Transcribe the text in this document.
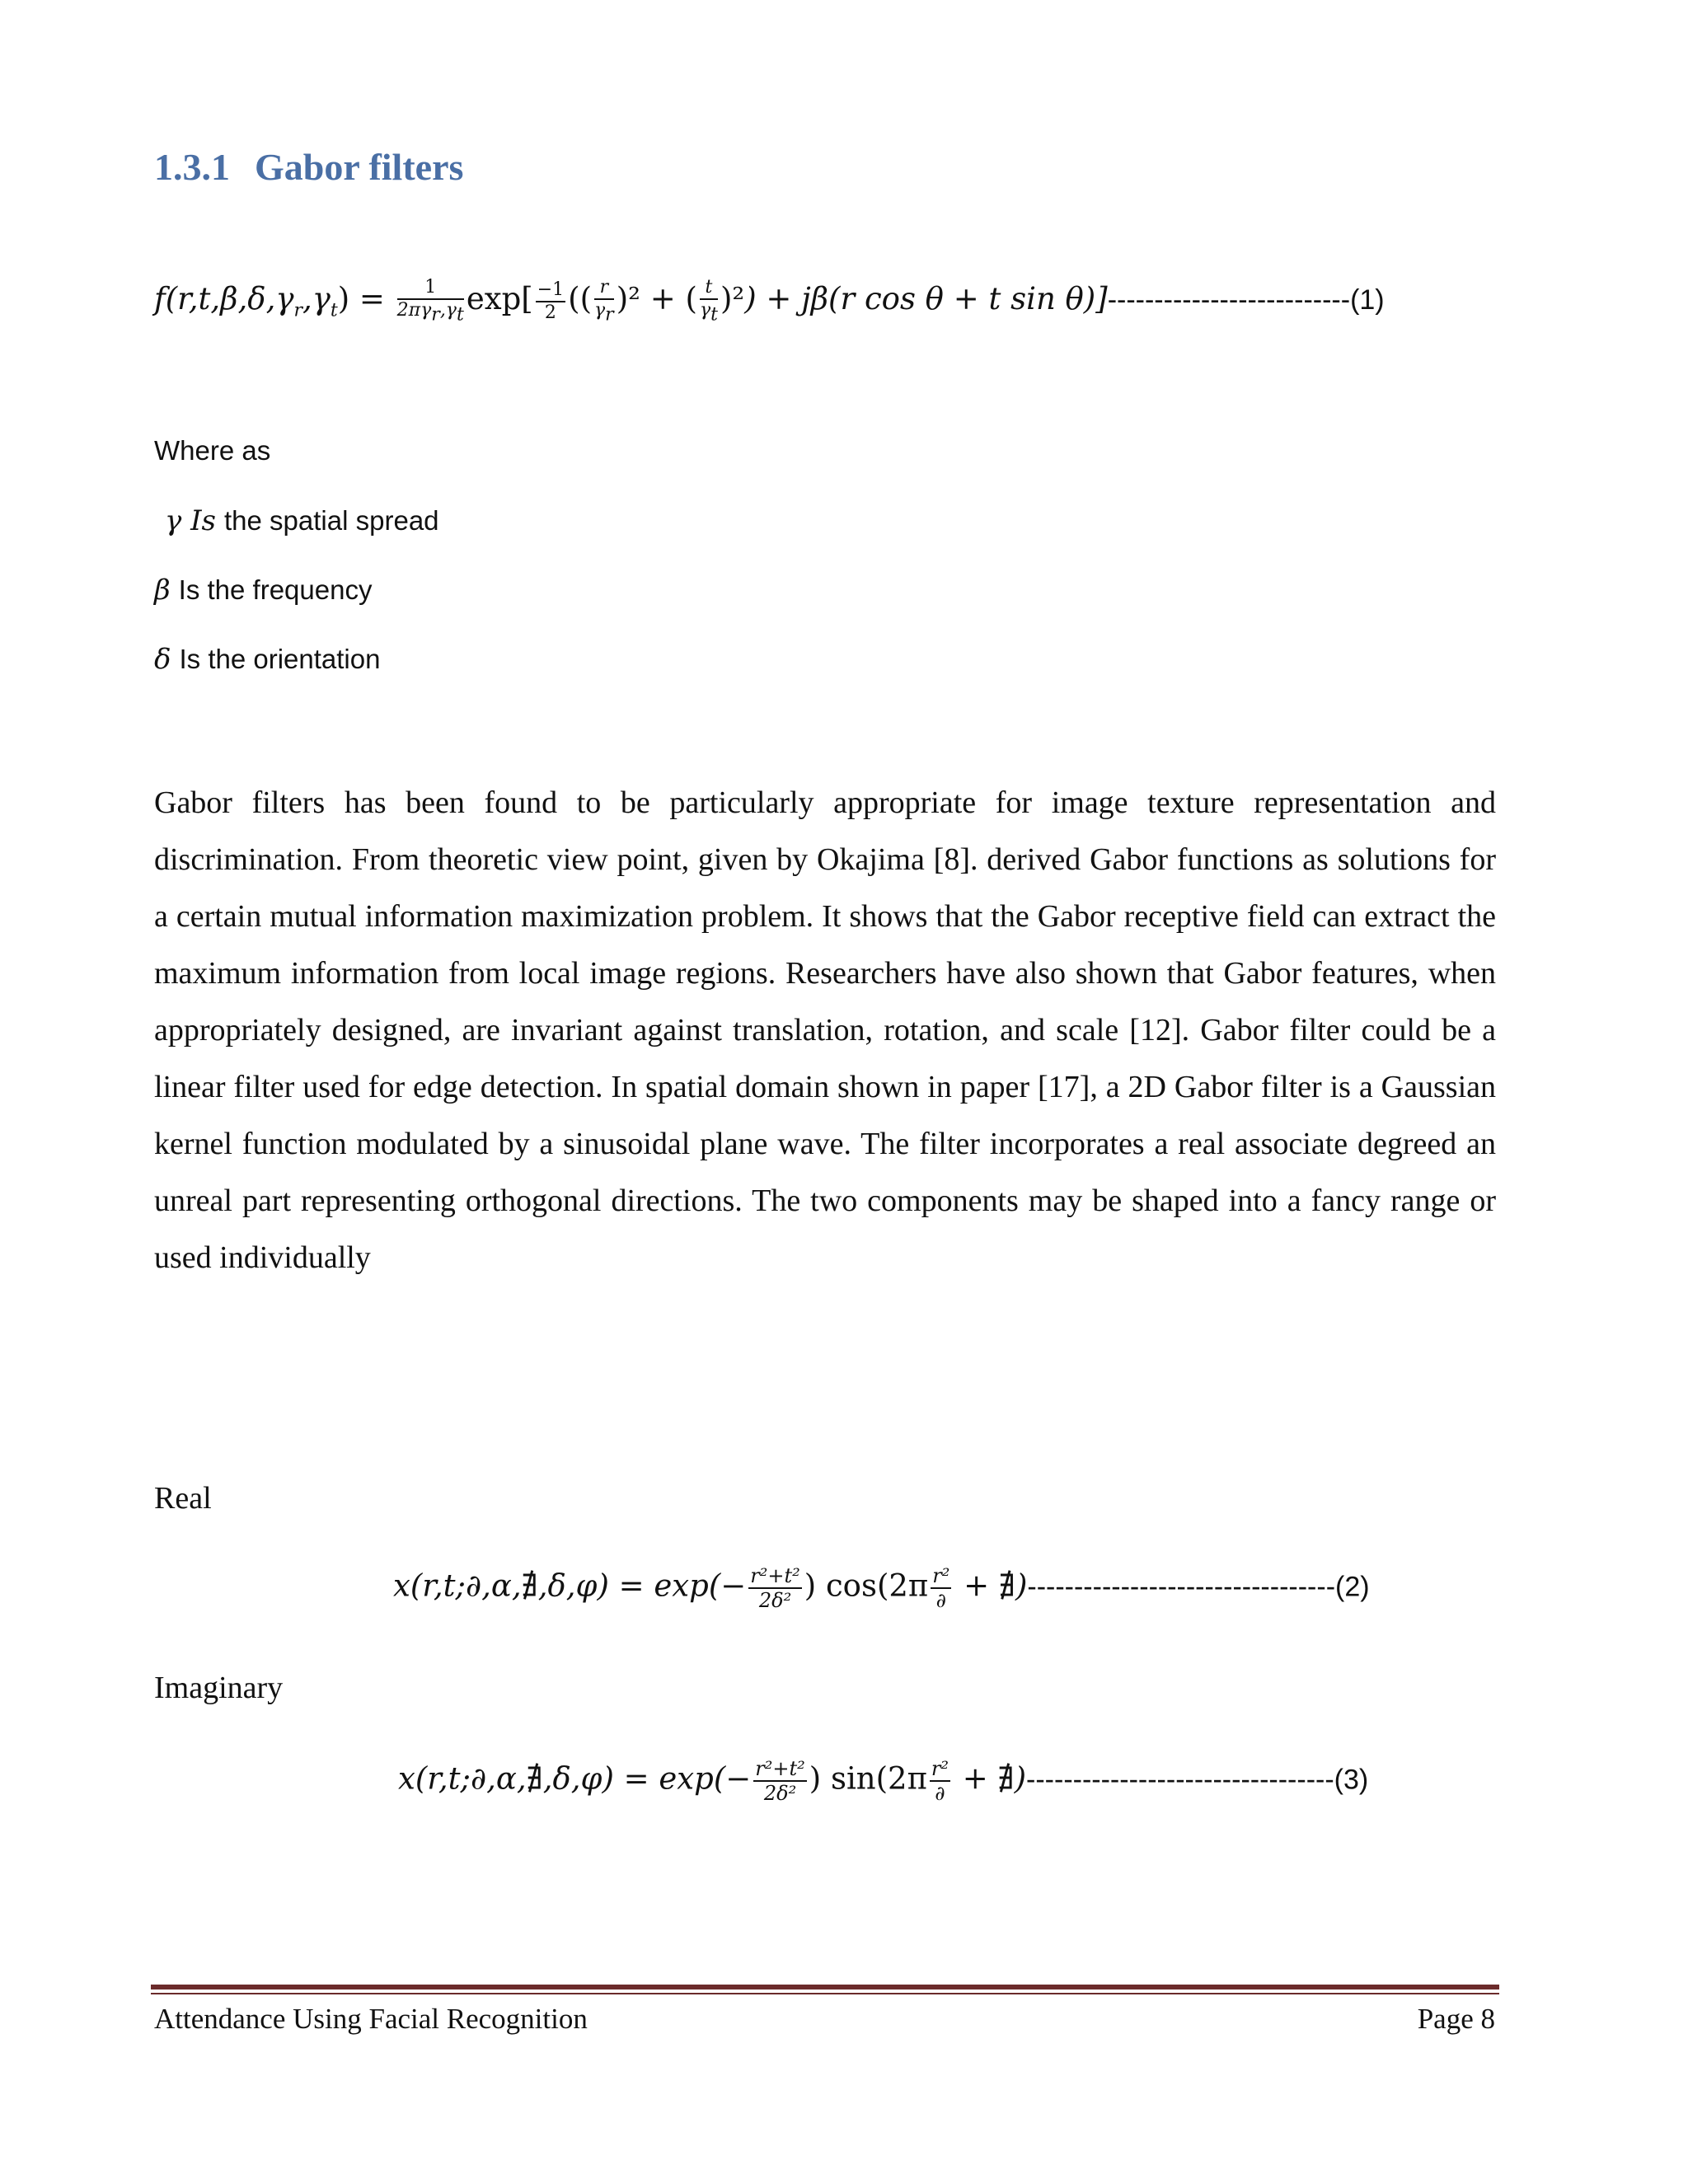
1.3.1 Gabor filters
$f(r,t,\beta,\delta,\gamma_r,\gamma_t) = \frac{1}{2\pi\gamma_r,\gamma_t} \exp[ \frac{-1}{2}$ (( $\frac{r}{\gamma_r} )^2$ + ( $\frac{t}{\gamma_t} )^2) + j\beta(r$ cos θ + t sin θ)]--------------------------(1)
Where as
γ Is the spatial spread
β Is the frequency
δ Is the orientation

Gabor filters has been found to be particularly appropriate for image texture representation and discrimination. From theoretic view point, given by Okajima [8]. derived Gabor functions as solutions for a certain mutual information maximization problem. It shows that the Gabor receptive field can extract the maximum information from local image regions. Researchers have also shown that Gabor features, when appropriately designed, are invariant against translation, rotation, and scale [12]. Gabor filter could be a linear filter used for edge detection. In spatial domain shown in paper [17], a 2D Gabor filter is a Gaussian kernel function modulated by a sinusoidal plane wave. The filter incorporates a real associate degreed an unreal part representing orthogonal directions. The two components may be shaped into a fancy range or used individually

Real
x(r,t;∂,α,∄,δ,φ) = $\exp(- \frac{\text{r²+t²}}{\text{2δ²}}$ ) $\cos(2\pi \frac{\text{r²}}{\partial}$ + ∄)---------------------------------(2)
Imaginary
x(r,t;∂,α,∄,δ,φ) = $\exp(- \frac{\text{r²+t²}}{\text{2δ²}}$ ) $\sin(2\pi \frac{\text{r²}}{\partial}$ + ∄)---------------------------------(3)
Attendance Using Facial Recognition	Page 8
